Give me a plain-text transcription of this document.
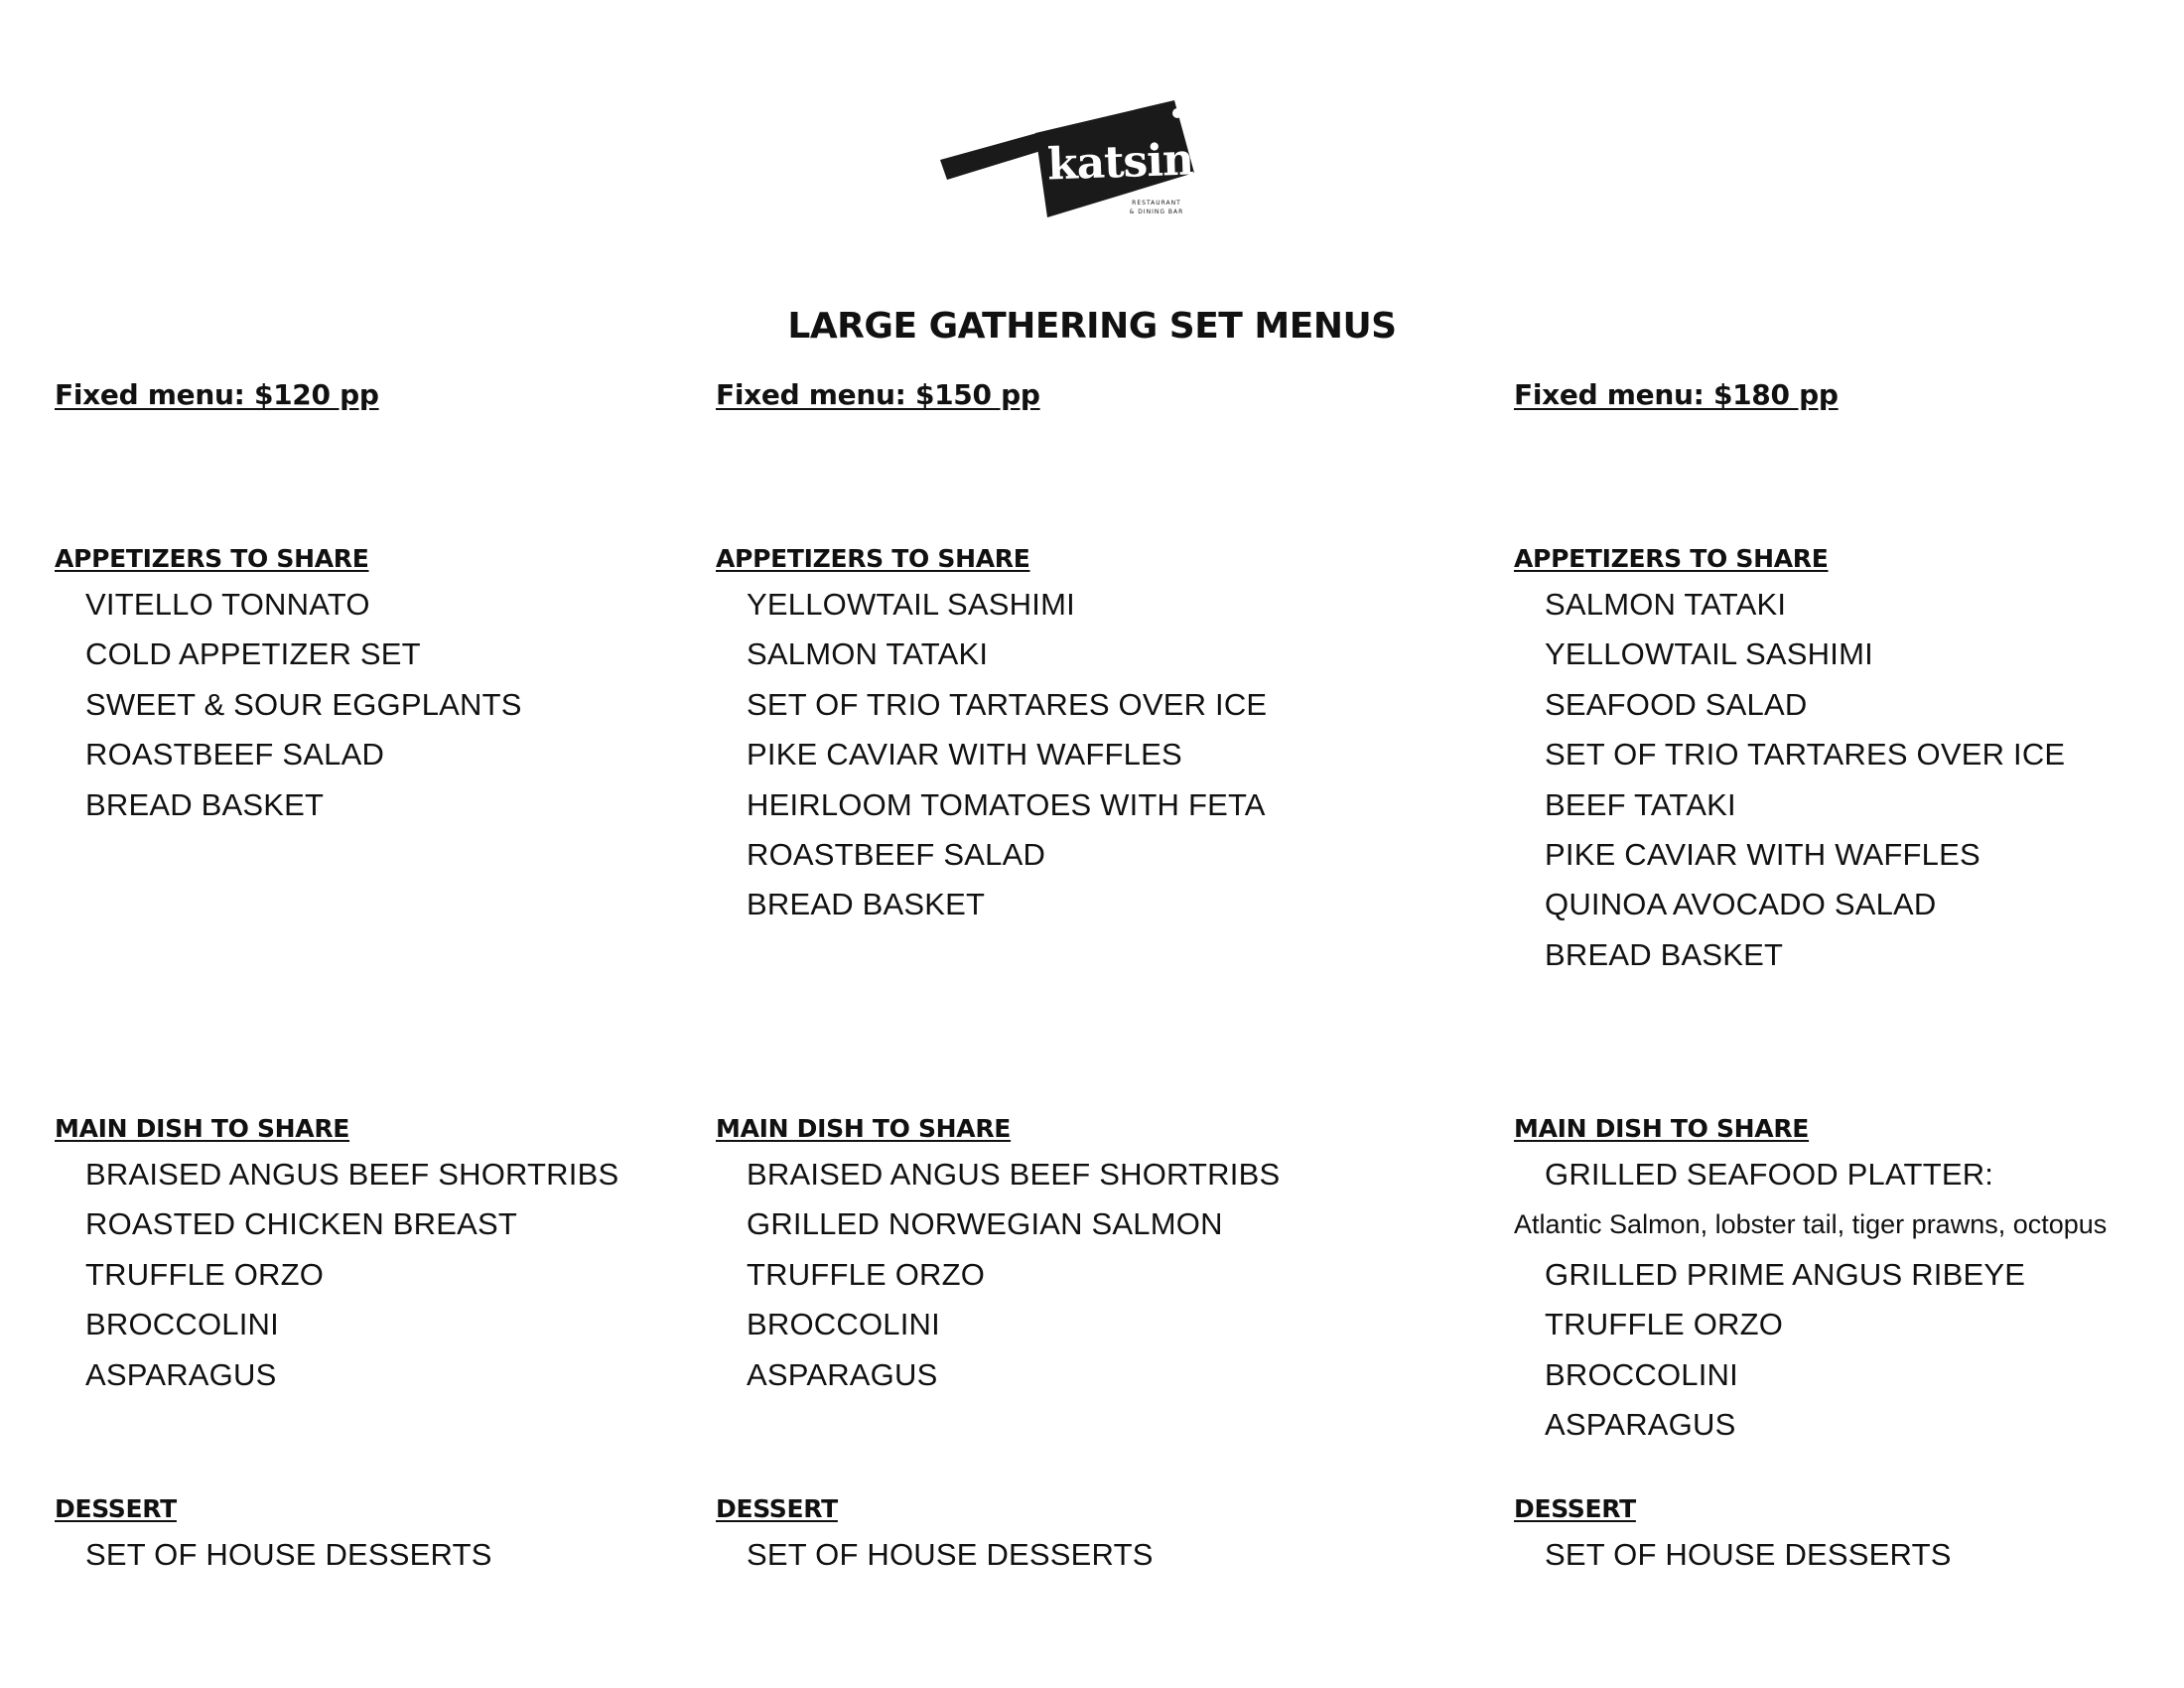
katsin
RESTAURANT
& DINING BAR
LARGE GATHERING SET MENUS
Fixed menu: $120 pp
APPETIZERS TO SHARE
VITELLO TONNATO
COLD APPETIZER SET
SWEET & SOUR EGGPLANTS
ROASTBEEF SALAD
BREAD BASKET
MAIN DISH TO SHARE
BRAISED ANGUS BEEF SHORTRIBS
ROASTED CHICKEN BREAST
TRUFFLE ORZO
BROCCOLINI
ASPARAGUS
DESSERT
SET OF HOUSE DESSERTS
Fixed menu: $150 pp
APPETIZERS TO SHARE
YELLOWTAIL SASHIMI
SALMON TATAKI
SET OF TRIO TARTARES OVER ICE
PIKE CAVIAR WITH WAFFLES
HEIRLOOM TOMATOES WITH FETA
ROASTBEEF SALAD
BREAD BASKET
MAIN DISH TO SHARE
BRAISED ANGUS BEEF SHORTRIBS
GRILLED NORWEGIAN SALMON
TRUFFLE ORZO
BROCCOLINI
ASPARAGUS
DESSERT
SET OF HOUSE DESSERTS
Fixed menu: $180 pp
APPETIZERS TO SHARE
SALMON TATAKI
YELLOWTAIL SASHIMI
SEAFOOD SALAD
SET OF TRIO TARTARES OVER ICE
BEEF TATAKI
PIKE CAVIAR WITH WAFFLES
QUINOA AVOCADO SALAD
BREAD BASKET
MAIN DISH TO SHARE
GRILLED SEAFOOD PLATTER:
Atlantic Salmon, lobster tail, tiger prawns, octopus
GRILLED PRIME ANGUS RIBEYE
TRUFFLE ORZO
BROCCOLINI
ASPARAGUS
DESSERT
SET OF HOUSE DESSERTS
